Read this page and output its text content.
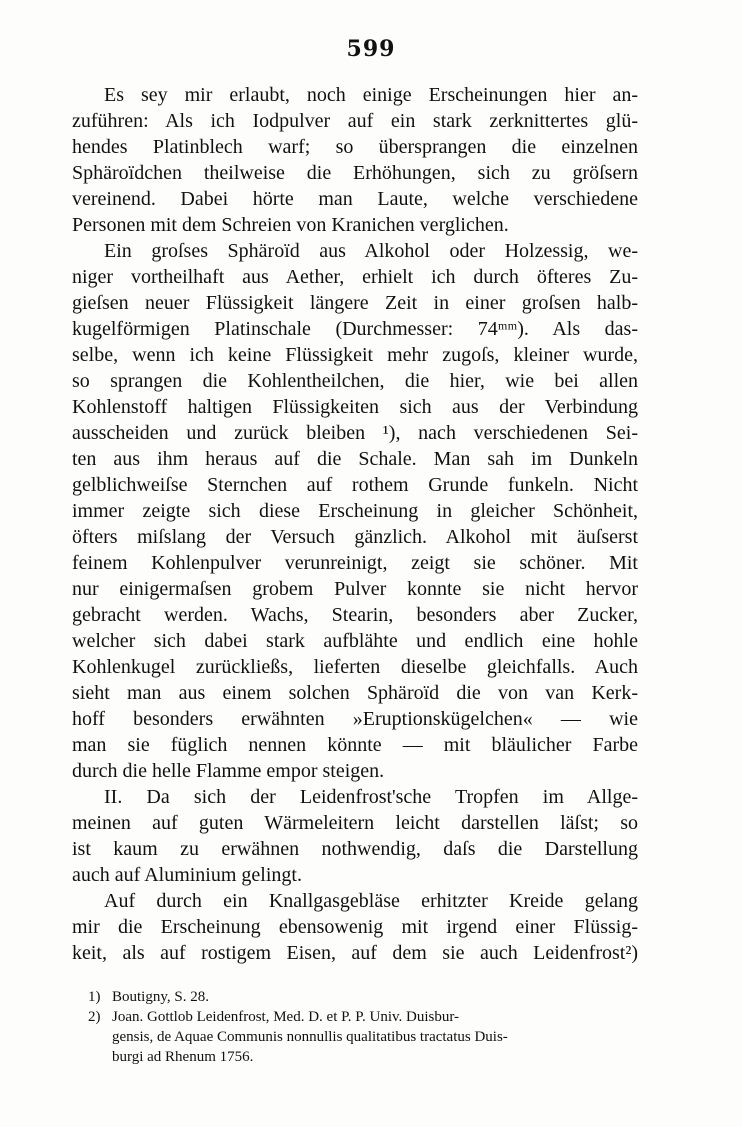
599
Es sey mir erlaubt, noch einige Erscheinungen hier an-
zuführen: Als ich Iodpulver auf ein stark zerknittertes glü-
hendes Platinblech warf; so übersprangen die einzelnen
Sphäroïdchen theilweise die Erhöhungen, sich zu gröſsern
vereinend. Dabei hörte man Laute, welche verschiedene
Personen mit dem Schreien von Kranichen verglichen.
Ein groſses Sphäroïd aus Alkohol oder Holzessig, we-
niger vortheilhaft aus Aether, erhielt ich durch öfteres Zu-
gieſsen neuer Flüssigkeit längere Zeit in einer groſsen halb-
kugelförmigen Platinschale (Durchmesser: 74ᵐᵐ). Als das-
selbe, wenn ich keine Flüssigkeit mehr zugoſs, kleiner wurde,
so sprangen die Kohlentheilchen, die hier, wie bei allen
Kohlenstoff haltigen Flüssigkeiten sich aus der Verbindung
ausscheiden und zurück bleiben ¹), nach verschiedenen Sei-
ten aus ihm heraus auf die Schale. Man sah im Dunkeln
gelblichweiſse Sternchen auf rothem Grunde funkeln. Nicht
immer zeigte sich diese Erscheinung in gleicher Schönheit,
öfters miſslang der Versuch gänzlich. Alkohol mit äuſserst
feinem Kohlenpulver verunreinigt, zeigt sie schöner. Mit
nur einigermaſsen grobem Pulver konnte sie nicht hervor
gebracht werden. Wachs, Stearin, besonders aber Zucker,
welcher sich dabei stark aufblähte und endlich eine hohle
Kohlenkugel zurückließs, lieferten dieselbe gleichfalls. Auch
sieht man aus einem solchen Sphäroïd die von van Kerk-
hoff besonders erwähnten »Eruptionskügelchen« — wie
man sie füglich nennen könnte — mit bläulicher Farbe
durch die helle Flamme empor steigen.
II. Da sich der Leidenfrost'sche Tropfen im Allge-
meinen auf guten Wärmeleitern leicht darstellen läſst; so
ist kaum zu erwähnen nothwendig, daſs die Darstellung
auch auf Aluminium gelingt.
Auf durch ein Knallgasgebläse erhitzter Kreide gelang
mir die Erscheinung ebensowenig mit irgend einer Flüssig-
keit, als auf rostigem Eisen, auf dem sie auch Leidenfrost²)
1) Boutigny, S. 28.
2) Joan. Gottlob Leidenfrost, Med. D. et P. P. Univ. Duisbur-
gensis, de Aquae Communis nonnullis qualitatibus tractatus Duis-
burgi ad Rhenum 1756.
